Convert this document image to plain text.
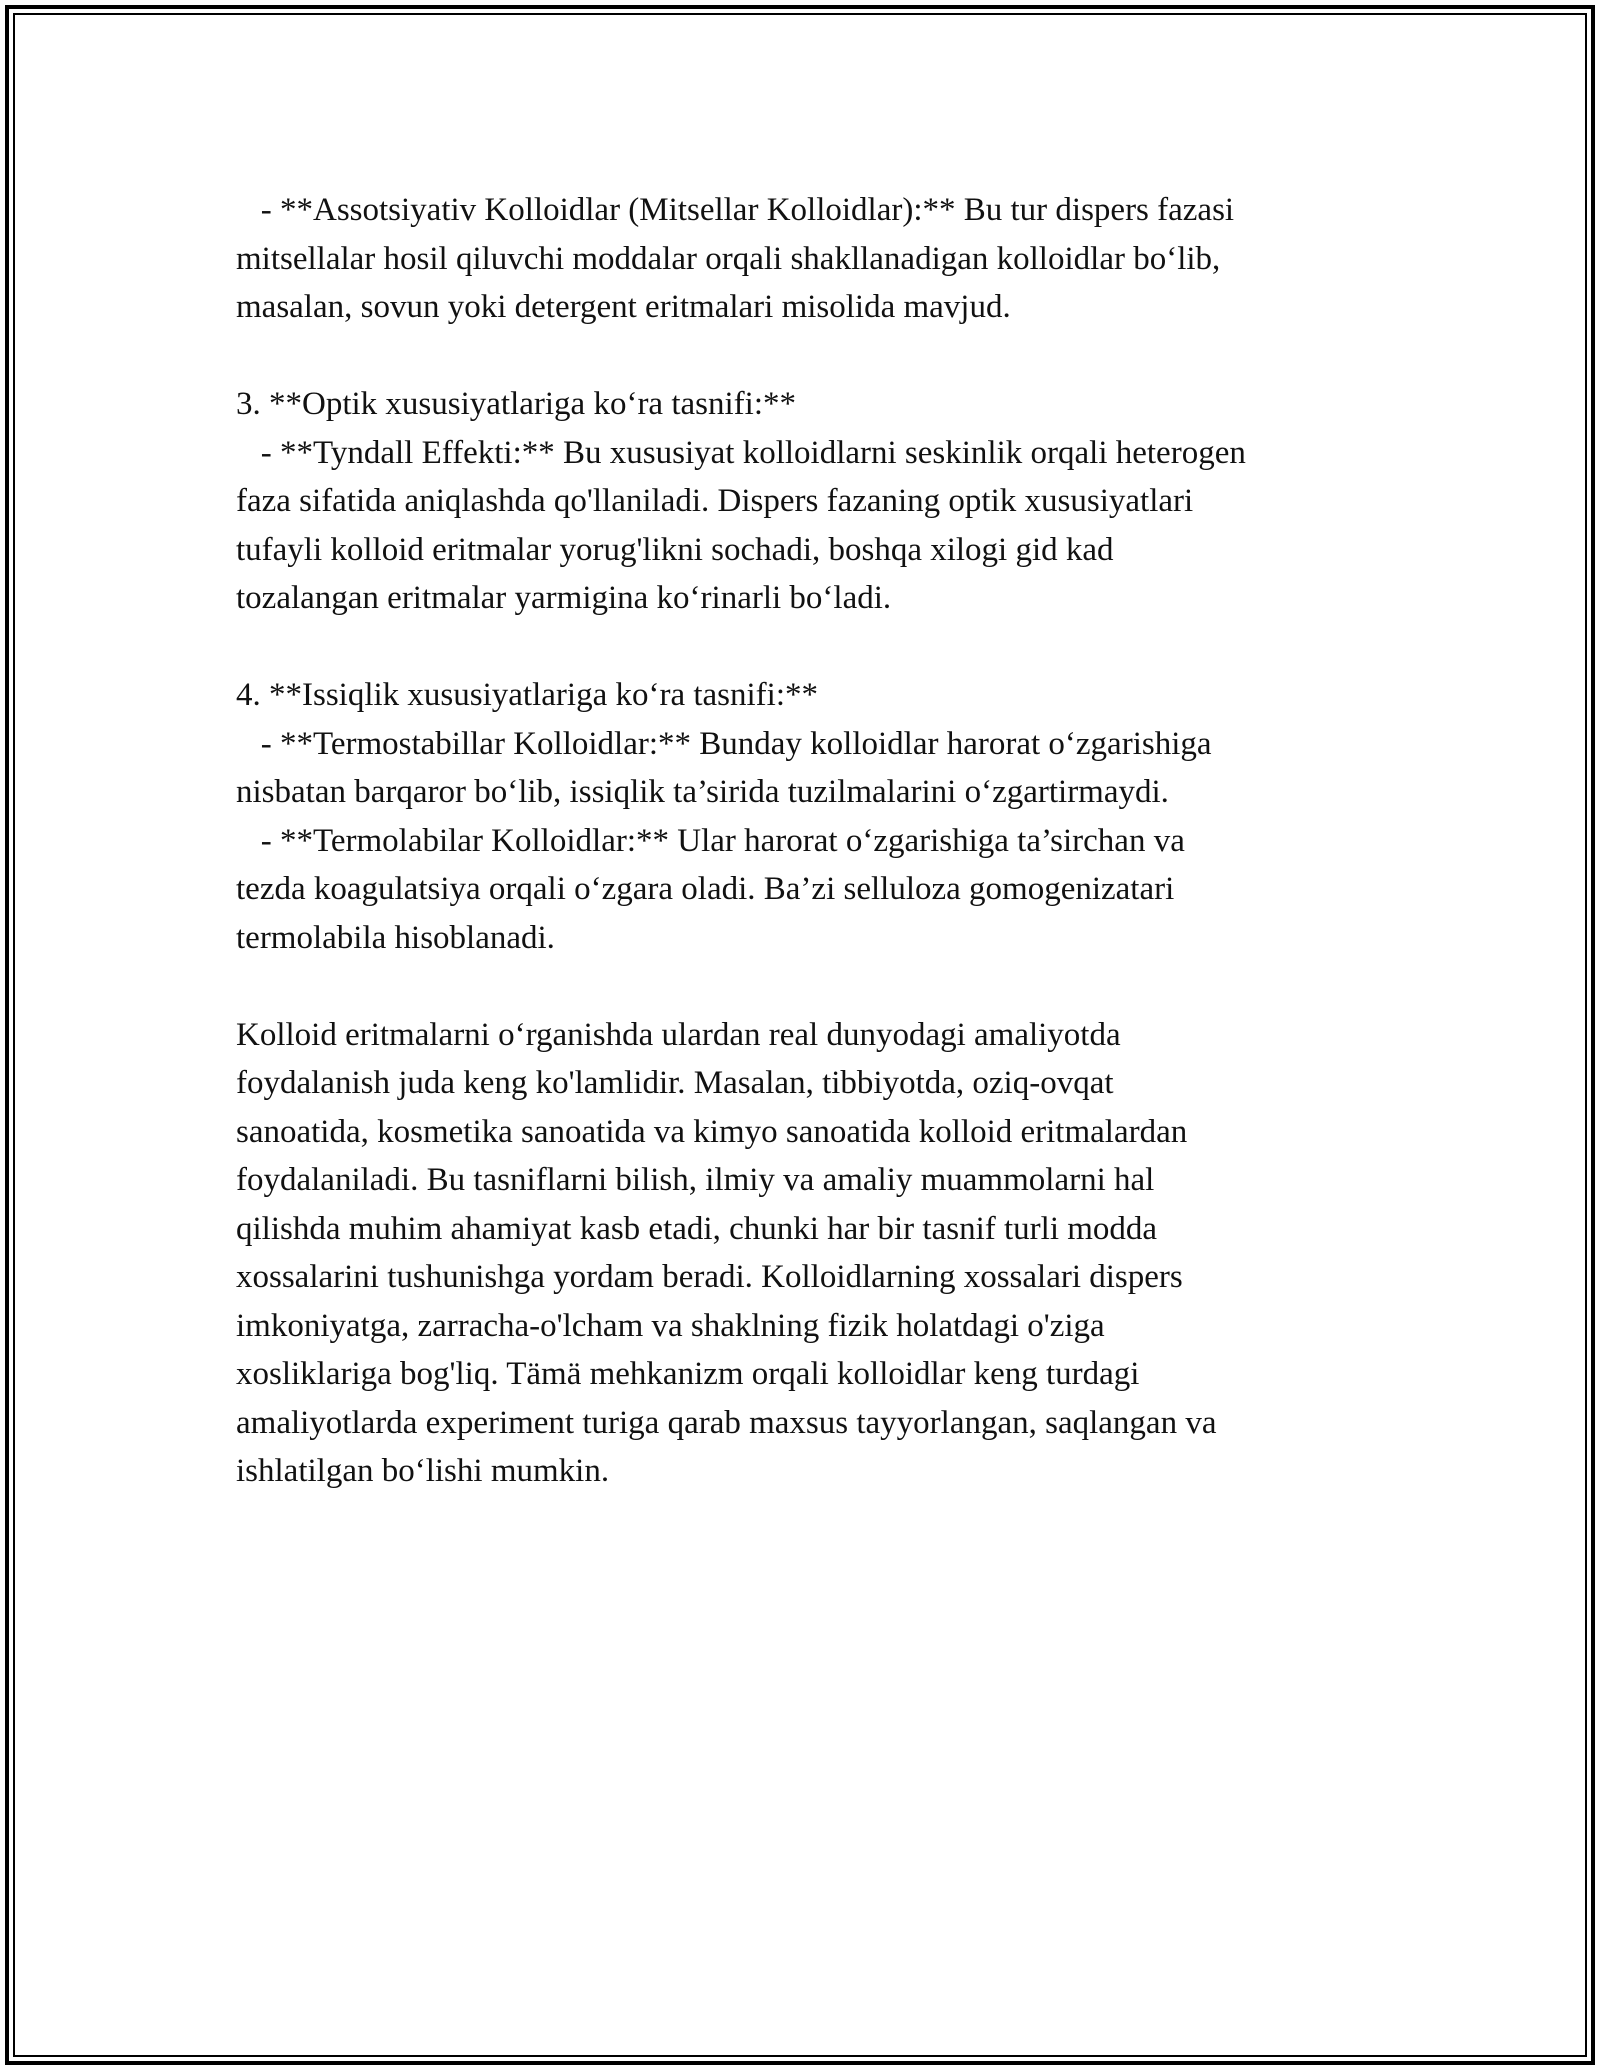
- **Assotsiyativ Kolloidlar (Mitsellar Kolloidlar):** Bu tur dispers fazasi
mitsellalar hosil qiluvchi moddalar orqali shakllanadigan kolloidlar boʻlib,
masalan, sovun yoki detergent eritmalari misolida mavjud.
3. **Optik xususiyatlariga koʻra tasnifi:**
- **Tyndall Effekti:** Bu xususiyat kolloidlarni seskinlik orqali heterogen
faza sifatida aniqlashda qo'llaniladi. Dispers fazaning optik xususiyatlari
tufayli kolloid eritmalar yorug'likni sochadi, boshqa xilogi gid kad
tozalangan eritmalar yarmigina koʻrinarli boʻladi.
4. **Issiqlik xususiyatlariga koʻra tasnifi:**
- **Termostabillar Kolloidlar:** Bunday kolloidlar harorat oʻzgarishiga
nisbatan barqaror boʻlib, issiqlik ta’sirida tuzilmalarini oʻzgartirmaydi.
- **Termolabilar Kolloidlar:** Ular harorat oʻzgarishiga ta’sirchan va
tezda koagulatsiya orqali oʻzgara oladi. Ba’zi selluloza gomogenizatari
termolabila hisoblanadi.
Kolloid eritmalarni oʻrganishda ulardan real dunyodagi amaliyotda
foydalanish juda keng ko'lamlidir. Masalan, tibbiyotda, oziq-ovqat
sanoatida, kosmetika sanoatida va kimyo sanoatida kolloid eritmalardan
foydalaniladi. Bu tasniflarni bilish, ilmiy va amaliy muammolarni hal
qilishda muhim ahamiyat kasb etadi, chunki har bir tasnif turli modda
xossalarini tushunishga yordam beradi. Kolloidlarning xossalari dispers
imkoniyatga, zarracha-o'lcham va shaklning fizik holatdagi o'ziga
xosliklariga bog'liq. Tämä mehkanizm orqali kolloidlar keng turdagi
amaliyotlarda experiment turiga qarab maxsus tayyorlangan, saqlangan va
ishlatilgan boʻlishi mumkin.
